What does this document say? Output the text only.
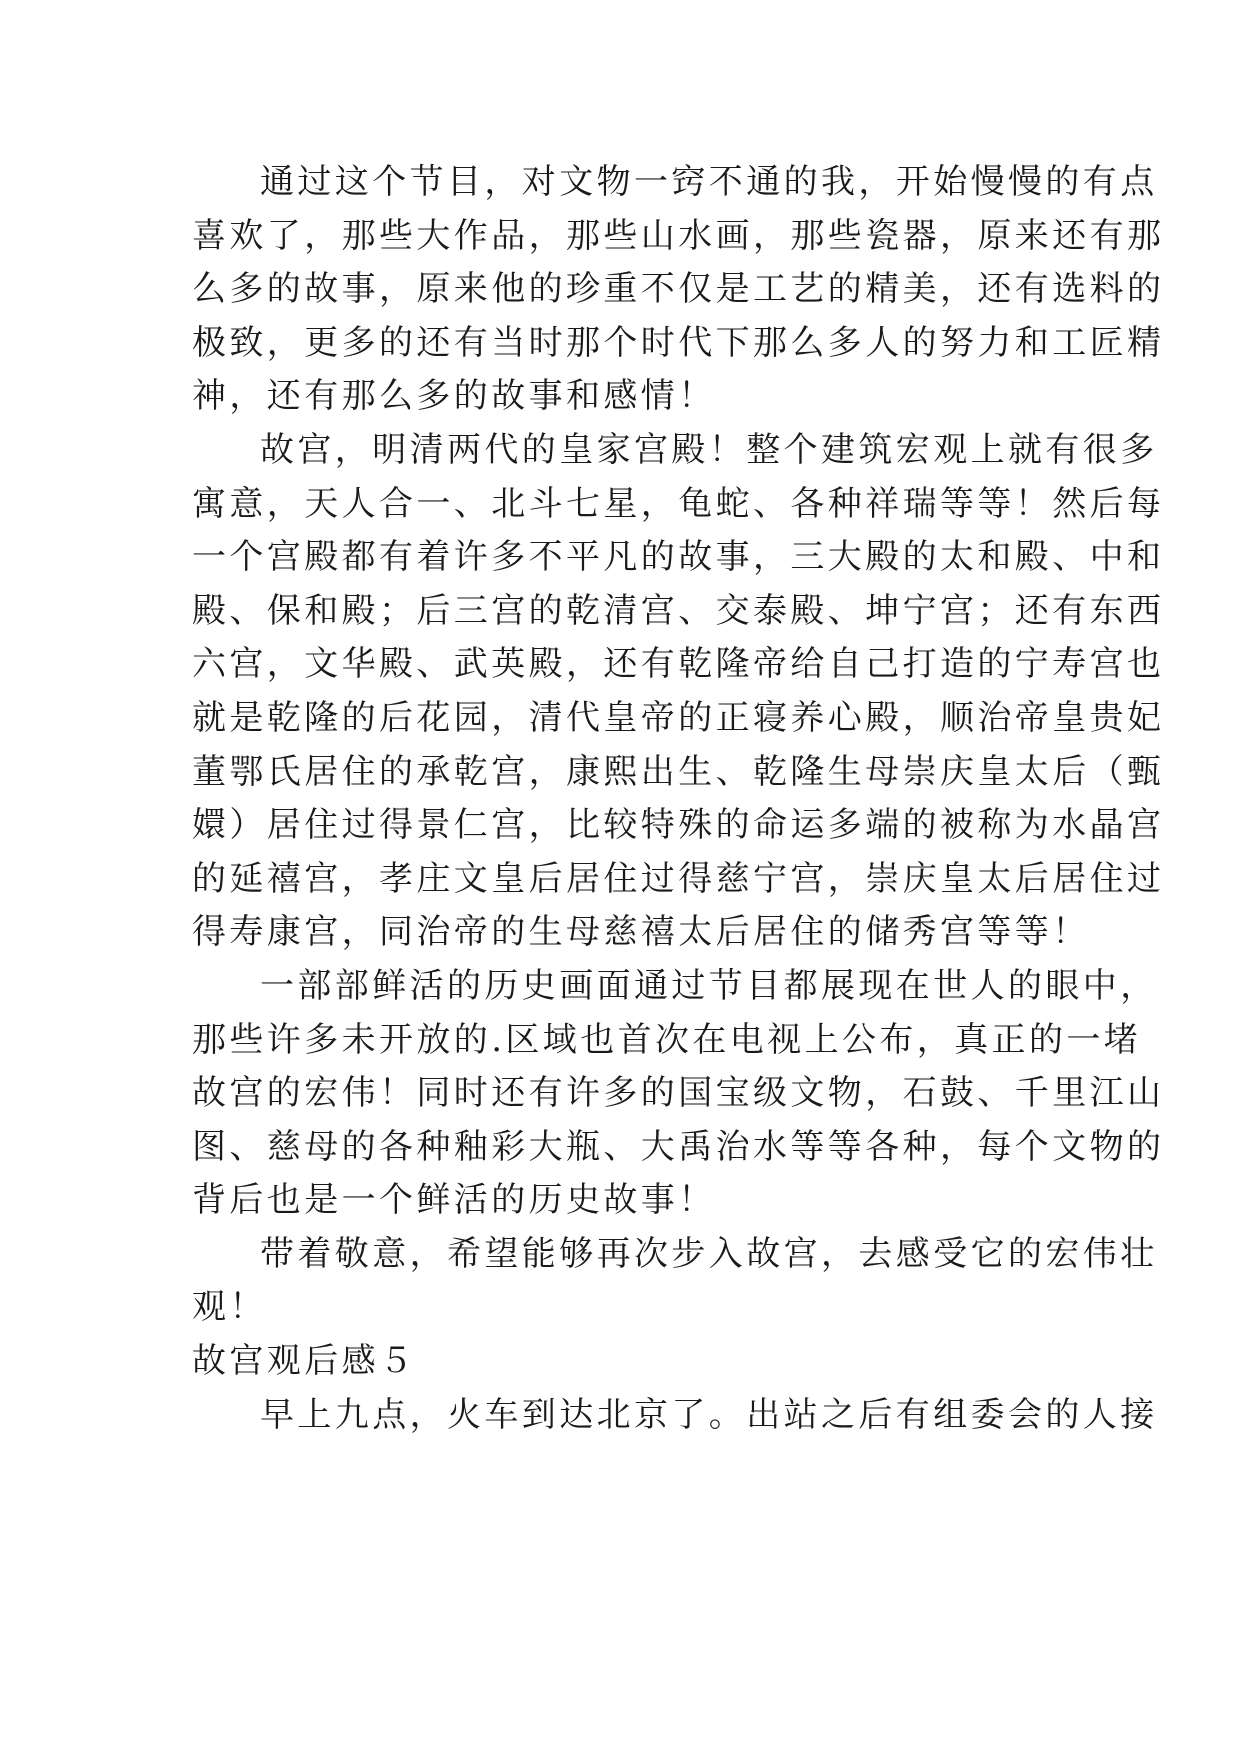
通过这个节目，对文物一窍不通的我，开始慢慢的有点
喜欢了，那些大作品，那些山水画，那些瓷器，原来还有那
么多的故事，原来他的珍重不仅是工艺的精美，还有选料的
极致，更多的还有当时那个时代下那么多人的努力和工匠精
神，还有那么多的故事和感情！

故宫，明清两代的皇家宫殿！整个建筑宏观上就有很多
寓意，天人合一、北斗七星，龟蛇、各种祥瑞等等！然后每
一个宫殿都有着许多不平凡的故事，三大殿的太和殿、中和
殿、保和殿；后三宫的乾清宫、交泰殿、坤宁宫；还有东西
六宫，文华殿、武英殿，还有乾隆帝给自己打造的宁寿宫也
就是乾隆的后花园，清代皇帝的正寝养心殿，顺治帝皇贵妃
董鄂氏居住的承乾宫，康熙出生、乾隆生母崇庆皇太后（甄
嬛）居住过得景仁宫，比较特殊的命运多端的被称为水晶宫
的延禧宫，孝庄文皇后居住过得慈宁宫，崇庆皇太后居住过
得寿康宫，同治帝的生母慈禧太后居住的储秀宫等等！

一部部鲜活的历史画面通过节目都展现在世人的眼中，
那些许多未开放的.区域也首次在电视上公布，真正的一堵
故宫的宏伟！同时还有许多的国宝级文物，石鼓、千里江山
图、慈母的各种釉彩大瓶、大禹治水等等各种，每个文物的
背后也是一个鲜活的历史故事！

带着敬意，希望能够再次步入故宫，去感受它的宏伟壮
观！

故宫观后感５

早上九点，火车到达北京了。出站之后有组委会的人接
